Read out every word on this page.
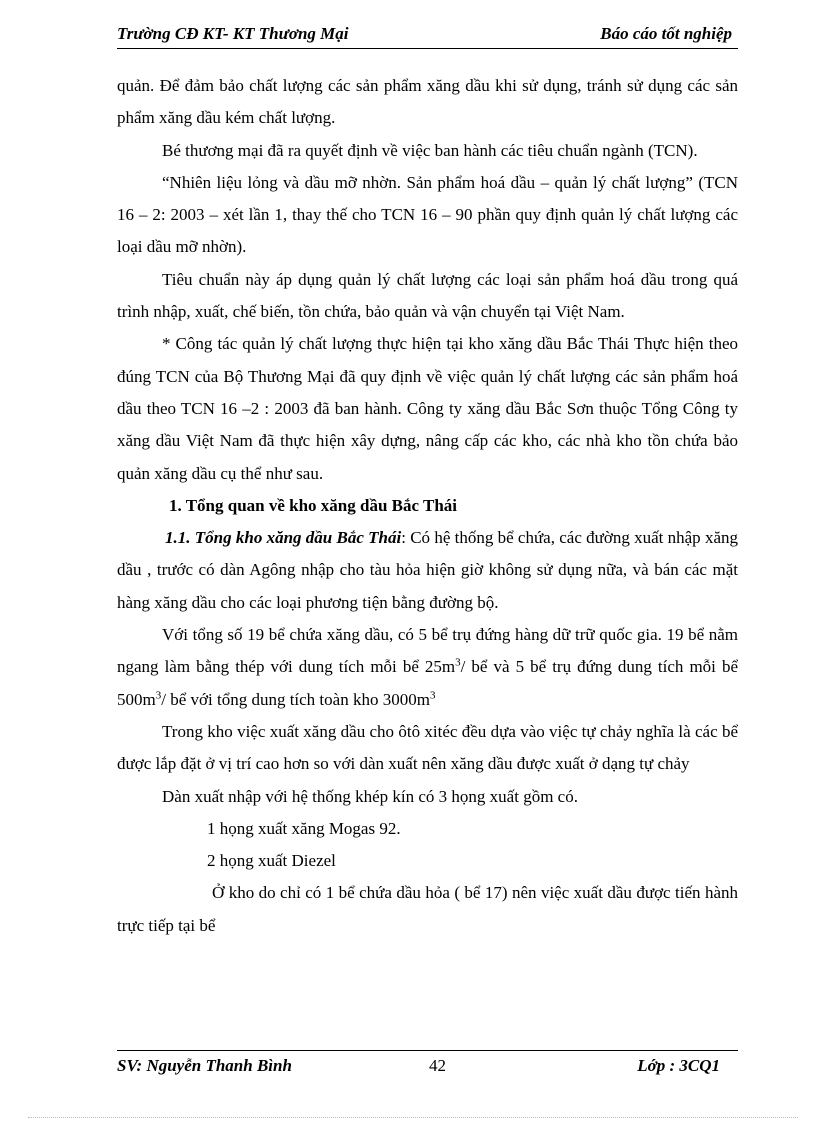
Trường CĐ KT- KT Thương Mại	Báo cáo tốt nghiệp

quản. Để đảm bảo chất lượng các sản phẩm xăng dầu khi sử dụng, tránh sử dụng các sản phẩm xăng dầu kém chất lượng.

Bé thương mại đã ra quyết định về việc ban hành các tiêu chuẩn ngành (TCN).

“Nhiên liệu lỏng và dầu mỡ nhờn. Sản phẩm hoá dầu – quản lý chất lượng” (TCN 16 – 2: 2003 – xét lần 1, thay thế cho TCN 16 – 90 phần quy định quản lý chất lượng các loại dầu mỡ nhờn).

Tiêu chuẩn này áp dụng quản lý chất lượng các loại sản phẩm hoá dầu trong quá trình nhập, xuất, chế biến, tồn chứa, bảo quản và vận chuyển tại Việt Nam.

* Công tác quản lý chất lượng thực hiện tại kho xăng dầu Bắc Thái Thực hiện theo đúng TCN của Bộ Thương Mại đã quy định về việc quản lý chất lượng các sản phẩm hoá dầu theo TCN 16 –2 : 2003 đã ban hành. Công ty xăng dầu Bắc Sơn thuộc Tổng Công ty xăng dầu Việt Nam đã thực hiện xây dựng, nâng cấp các kho, các nhà kho tồn chứa bảo quản xăng dầu cụ thể như sau.

1. Tổng quan về kho xăng dầu Bắc Thái

1.1. Tổng kho xăng dầu Bắc Thái: Có hệ thống bể chứa, các đường xuất nhập xăng dầu , trước có dàn Agông nhập cho tàu hỏa hiện giờ không sử dụng nữa, và bán các mặt hàng xăng dầu cho các loại phương tiện bằng đường bộ.

Với tổng số 19 bể chứa xăng dầu, có 5 bể trụ đứng hàng dữ trữ quốc gia. 19 bể nằm ngang làm bằng thép với dung tích mỗi bể $25m^3/$ bể và 5 bể trụ đứng dung tích mỗi bể $500m^3/$ bể với tổng dung tích toàn kho $3000m^3$

Trong kho việc xuất xăng dầu cho ôtô xitéc đều dựa vào việc tự chảy nghĩa là các bể được lắp đặt ở vị trí cao hơn so với dàn xuất nên xăng dầu được xuất ở dạng tự chảy

Dàn xuất nhập với hệ thống khép kín có 3 họng xuất gồm có.

1 họng xuất xăng Mogas 92.

2 họng xuất Diezel

Ở kho do chỉ có 1 bể chứa dầu hỏa ( bể 17) nên việc xuất dầu được tiến hành trực tiếp tại bể

SV: Nguyễn Thanh Bình	42	Lớp : 3CQ1
